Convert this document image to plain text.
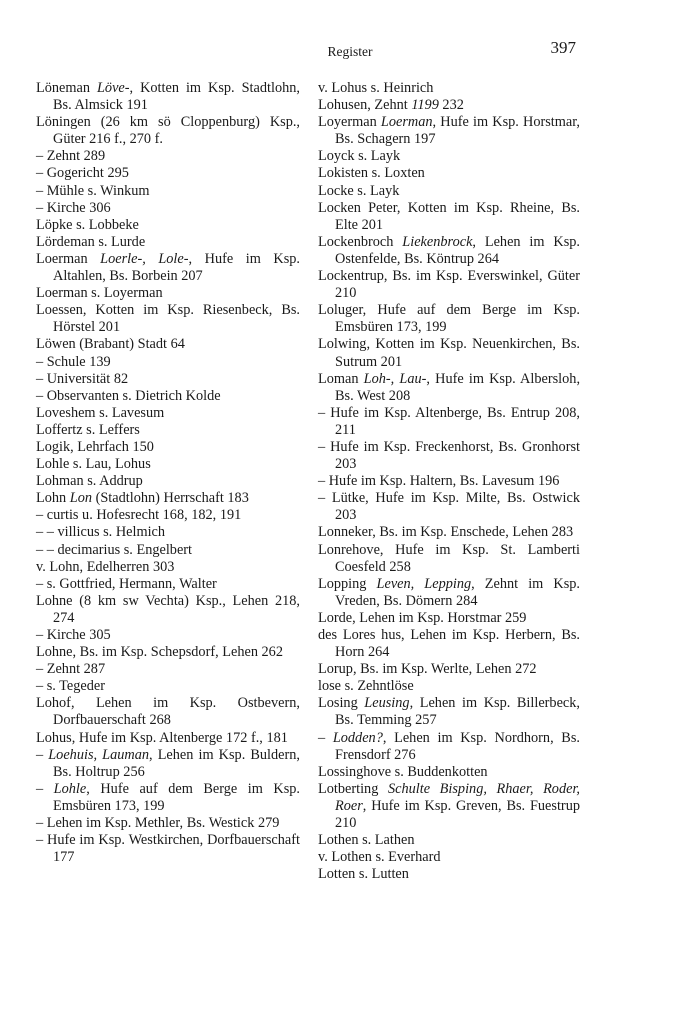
Register	397
Löneman Löve-, Kotten im Ksp. Stadtlohn, Bs. Almsick 191
Löningen (26 km sö Cloppenburg) Ksp., Güter 216 f., 270 f.
– Zehnt 289
– Gogericht 295
– Mühle s. Winkum
– Kirche 306
Löpke s. Lobbeke
Lördeman s. Lurde
Loerman Loerle-, Lole-, Hufe im Ksp. Altahlen, Bs. Borbein 207
Loerman s. Loyerman
Loessen, Kotten im Ksp. Riesenbeck, Bs. Hörstel 201
Löwen (Brabant) Stadt 64
– Schule 139
– Universität 82
– Observanten s. Dietrich Kolde
Loveshem s. Lavesum
Loffertz s. Leffers
Logik, Lehrfach 150
Lohle s. Lau, Lohus
Lohman s. Addrup
Lohn Lon (Stadtlohn) Herrschaft 183
– curtis u. Hofesrecht 168, 182, 191
– – villicus s. Helmich
– – decimarius s. Engelbert
v. Lohn, Edelherren 303
– s. Gottfried, Hermann, Walter
Lohne (8 km sw Vechta) Ksp., Lehen 218, 274
– Kirche 305
Lohne, Bs. im Ksp. Schepsdorf, Lehen 262
– Zehnt 287
– s. Tegeder
Lohof, Lehen im Ksp. Ostbevern, Dorfbauerschaft 268
Lohus, Hufe im Ksp. Altenberge 172 f., 181
– Loehuis, Lauman, Lehen im Ksp. Buldern, Bs. Holtrup 256
– Lohle, Hufe auf dem Berge im Ksp. Emsbüren 173, 199
– Lehen im Ksp. Methler, Bs. Westick 279
– Hufe im Ksp. Westkirchen, Dorfbauerschaft 177
v. Lohus s. Heinrich
Lohusen, Zehnt 1199 232
Loyerman Loerman, Hufe im Ksp. Horstmar, Bs. Schagern 197
Loyck s. Layk
Lokisten s. Loxten
Locke s. Layk
Locken Peter, Kotten im Ksp. Rheine, Bs. Elte 201
Lockenbroch Liekenbrock, Lehen im Ksp. Ostenfelde, Bs. Köntrup 264
Lockentrup, Bs. im Ksp. Everswinkel, Güter 210
Loluger, Hufe auf dem Berge im Ksp. Emsbüren 173, 199
Lolwing, Kotten im Ksp. Neuenkirchen, Bs. Sutrum 201
Loman Loh-, Lau-, Hufe im Ksp. Albersloh, Bs. West 208
– Hufe im Ksp. Altenberge, Bs. Entrup 208, 211
– Hufe im Ksp. Freckenhorst, Bs. Gronhorst 203
– Hufe im Ksp. Haltern, Bs. Lavesum 196
– Lütke, Hufe im Ksp. Milte, Bs. Ostwick 203
Lonneker, Bs. im Ksp. Enschede, Lehen 283
Lonrehove, Hufe im Ksp. St. Lamberti Coesfeld 258
Lopping Leven, Lepping, Zehnt im Ksp. Vreden, Bs. Dömern 284
Lorde, Lehen im Ksp. Horstmar 259
des Lores hus, Lehen im Ksp. Herbern, Bs. Horn 264
Lorup, Bs. im Ksp. Werlte, Lehen 272
lose s. Zehntlöse
Losing Leusing, Lehen im Ksp. Billerbeck, Bs. Temming 257
– Lodden?, Lehen im Ksp. Nordhorn, Bs. Frensdorf 276
Lossinghove s. Buddenkotten
Lotberting Schulte Bisping, Rhaer, Roder, Roer, Hufe im Ksp. Greven, Bs. Fuestrup 210
Lothen s. Lathen
v. Lothen s. Everhard
Lotten s. Lutten
